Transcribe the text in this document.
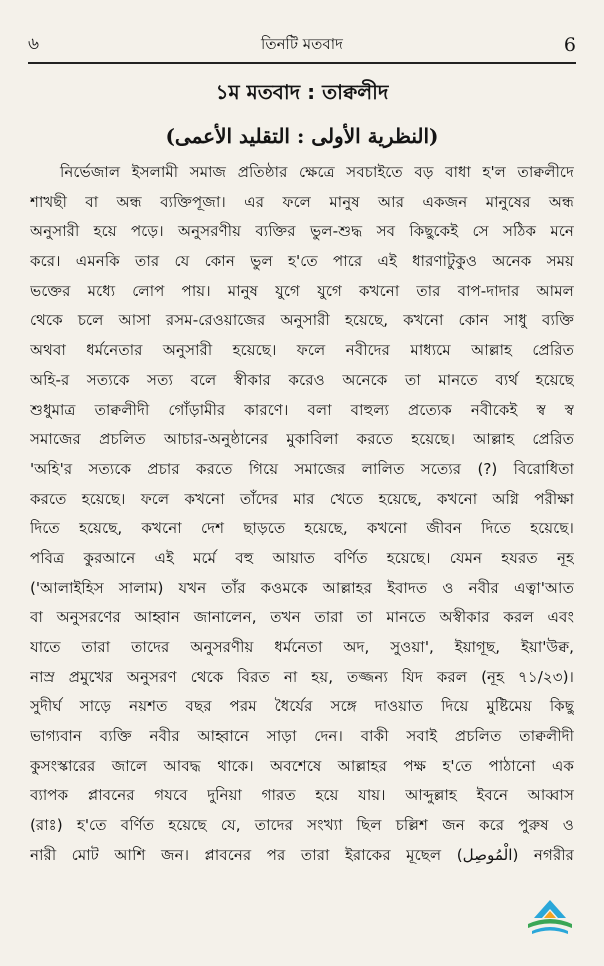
৬	তিনটি মতবাদ	6
১ম মতবাদ : তাক্বলীদ
(النظرية الأولى : التقليد الأعمى)
নির্ভেজাল ইসলামী সমাজ প্রতিষ্ঠার ক্ষেত্রে সবচাইতে বড় বাধা হ'ল তাক্বলীদে
শাখছী বা অন্ধ ব্যক্তিপূজা। এর ফলে মানুষ আর একজন মানুষের অন্ধ
অনুসারী হয়ে পড়ে। অনুসরণীয় ব্যক্তির ভুল-শুদ্ধ সব কিছুকেই সে সঠিক মনে
করে। এমনকি তার যে কোন ভুল হ'তে পারে এই ধারণাটুকুও অনেক সময়
ভক্তের মধ্যে লোপ পায়। মানুষ যুগে যুগে কখনো তার বাপ-দাদার আমল
থেকে চলে আসা রসম-রেওয়াজের অনুসারী হয়েছে, কখনো কোন সাধু ব্যক্তি
অথবা ধর্মনেতার অনুসারী হয়েছে। ফলে নবীদের মাধ্যমে আল্লাহ প্রেরিত
অহি-র সত্যকে সত্য বলে স্বীকার করেও অনেকে তা মানতে ব্যর্থ হয়েছে
শুধুমাত্র তাক্বলীদী গোঁড়ামীর কারণে। বলা বাহুল্য প্রত্যেক নবীকেই স্ব স্ব
সমাজের প্রচলিত আচার-অনুষ্ঠানের মুকাবিলা করতে হয়েছে। আল্লাহ প্রেরিত
'অহি'র সত্যকে প্রচার করতে গিয়ে সমাজের লালিত সত্যের (?) বিরোধিতা
করতে হয়েছে। ফলে কখনো তাঁদের মার খেতে হয়েছে, কখনো অগ্নি পরীক্ষা
দিতে হয়েছে, কখনো দেশ ছাড়তে হয়েছে, কখনো জীবন দিতে হয়েছে।
পবিত্র কুরআনে এই মর্মে বহু আয়াত বর্ণিত হয়েছে। যেমন হযরত নূহ
('আলাইহিস সালাম) যখন তাঁর কওমকে আল্লাহর ইবাদত ও নবীর এত্বা'আত
বা অনুসরণের আহ্বান জানালেন, তখন তারা তা মানতে অস্বীকার করল এবং
যাতে তারা তাদের অনুসরণীয় ধর্মনেতা অদ, সুওয়া', ইয়াগূছ, ইয়া'উক্ব,
নাস্র প্রমুখের অনুসরণ থেকে বিরত না হয়, তজ্জন্য যিদ করল (নূহ ৭১/২৩)।
সুদীর্ঘ সাড়ে নয়শত বছর পরম ধৈর্যের সঙ্গে দাওয়াত দিয়ে মুষ্টিমেয় কিছু
ভাগ্যবান ব্যক্তি নবীর আহ্বানে সাড়া দেন। বাকী সবাই প্রচলিত তাক্বলীদী
কুসংস্কারের জালে আবদ্ধ থাকে। অবশেষে আল্লাহর পক্ষ হ'তে পাঠানো এক
ব্যাপক প্লাবনের গযবে দুনিয়া গারত হয়ে যায়। আব্দুল্লাহ ইবনে আব্বাস
(রাঃ) হ'তে বর্ণিত হয়েছে যে, তাদের সংখ্যা ছিল চল্লিশ জন করে পুরুষ ও
নারী মোট আশি জন। প্লাবনের পর তারা ইরাকের মূছেল (الْمُوصِل) নগরীর
